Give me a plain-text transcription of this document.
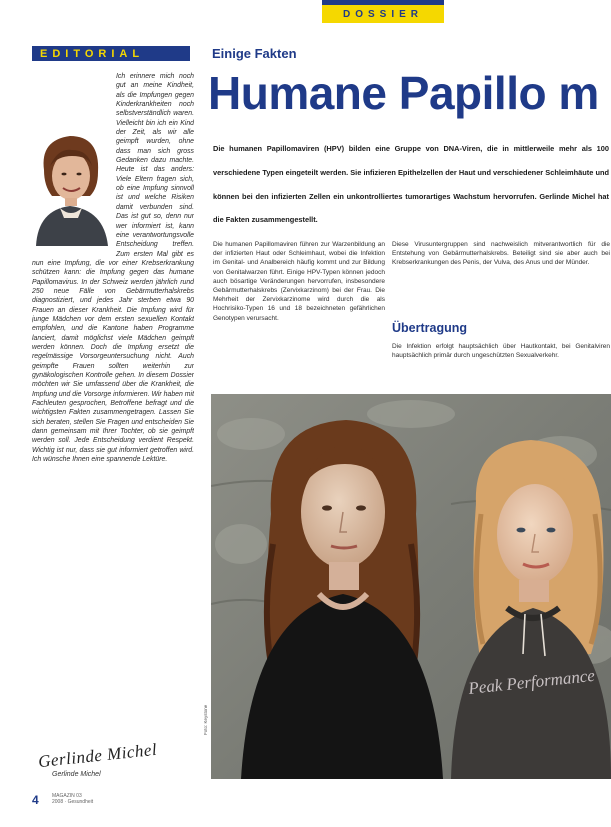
DOSSIER
EDITORIAL
Ich erinnere mich noch gut an meine Kindheit, als die Impfungen gegen Kinderkrankheiten noch selbstverständlich waren. Vielleicht bin ich ein Kind der Zeit, als wir alle geimpft wurden, ohne dass man sich gross Gedanken dazu machte. Heute ist das anders: Viele Eltern fragen sich, ob eine Impfung sinnvoll ist und welche Risiken damit verbunden sind. Das ist gut so, denn nur wer informiert ist, kann eine verantwortungsvolle Entscheidung treffen. Zum ersten Mal gibt es nun eine Impfung, die vor einer Krebserkrankung schützen kann: die Impfung gegen das humane Papillomavirus. In der Schweiz werden jährlich rund 250 neue Fälle von Gebärmutterhalskrebs diagnostiziert, und jedes Jahr sterben etwa 90 Frauen an dieser Krankheit. Die Impfung wird für junge Mädchen vor dem ersten sexuellen Kontakt empfohlen, und die Kantone haben Programme lanciert, damit möglichst viele Mädchen geimpft werden können. Doch die Impfung ersetzt die regelmässige Vorsorgeuntersuchung nicht. Auch geimpfte Frauen sollten weiterhin zur gynäkologischen Kontrolle gehen. In diesem Dossier möchten wir Sie umfassend über die Krankheit, die Impfung und die Vorsorge informieren. Wir haben mit Fachleuten gesprochen, Betroffene befragt und die wichtigsten Fakten zusammengetragen. Lassen Sie sich beraten, stellen Sie Fragen und entscheiden Sie dann gemeinsam mit Ihrer Tochter, ob sie geimpft werden soll. Jede Entscheidung verdient Respekt. Wichtig ist nur, dass sie gut informiert getroffen wird. Ich wünsche Ihnen eine spannende Lektüre.
Gerlinde Michel
Gerlinde Michel
4	MAGAZIN 03
2008 · Gesundheit
Einige Fakten
Humane Papillo m
Die humanen Papillomaviren (HPV) bilden eine Gruppe von DNA-Viren, die in mittlerweile mehr als 100 verschiedene Typen eingeteilt werden. Sie infizieren Epithelzellen der Haut und verschiedener Schleimhäute und können bei den infizierten Zellen ein unkontrolliertes tumorartiges Wachstum hervorrufen. Gerlinde Michel hat die Fakten zusammengestellt.
Die humanen Papillomaviren führen zur Warzenbildung an der infizierten Haut oder Schleimhaut, wobei die Infektion im Genital- und Analbereich häufig kommt und zur Bildung von Genitalwarzen führt. Einige HPV-Typen können jedoch auch bösartige Veränderungen hervorrufen, insbesondere Gebärmutterhalskrebs (Zervixkarzinom) bei der Frau. Die Mehrheit der Zervixkarzinome wird durch die als Hochrisiko-Typen 16 und 18 bezeichneten gefährlichen Genotypen verursacht.
Diese Virusuntergruppen sind nachweislich mitverantwortlich für die Entstehung von Gebärmutterhalskrebs. Beteiligt sind sie aber auch bei Krebserkrankungen des Penis, der Vulva, des Anus und der Münder.
Übertragung
Die Infektion erfolgt hauptsächlich über Hautkontakt, bei Genitalviren hauptsächlich primär durch ungeschützten Sexualverkehr.
Peak Performance
Foto: Keystone
